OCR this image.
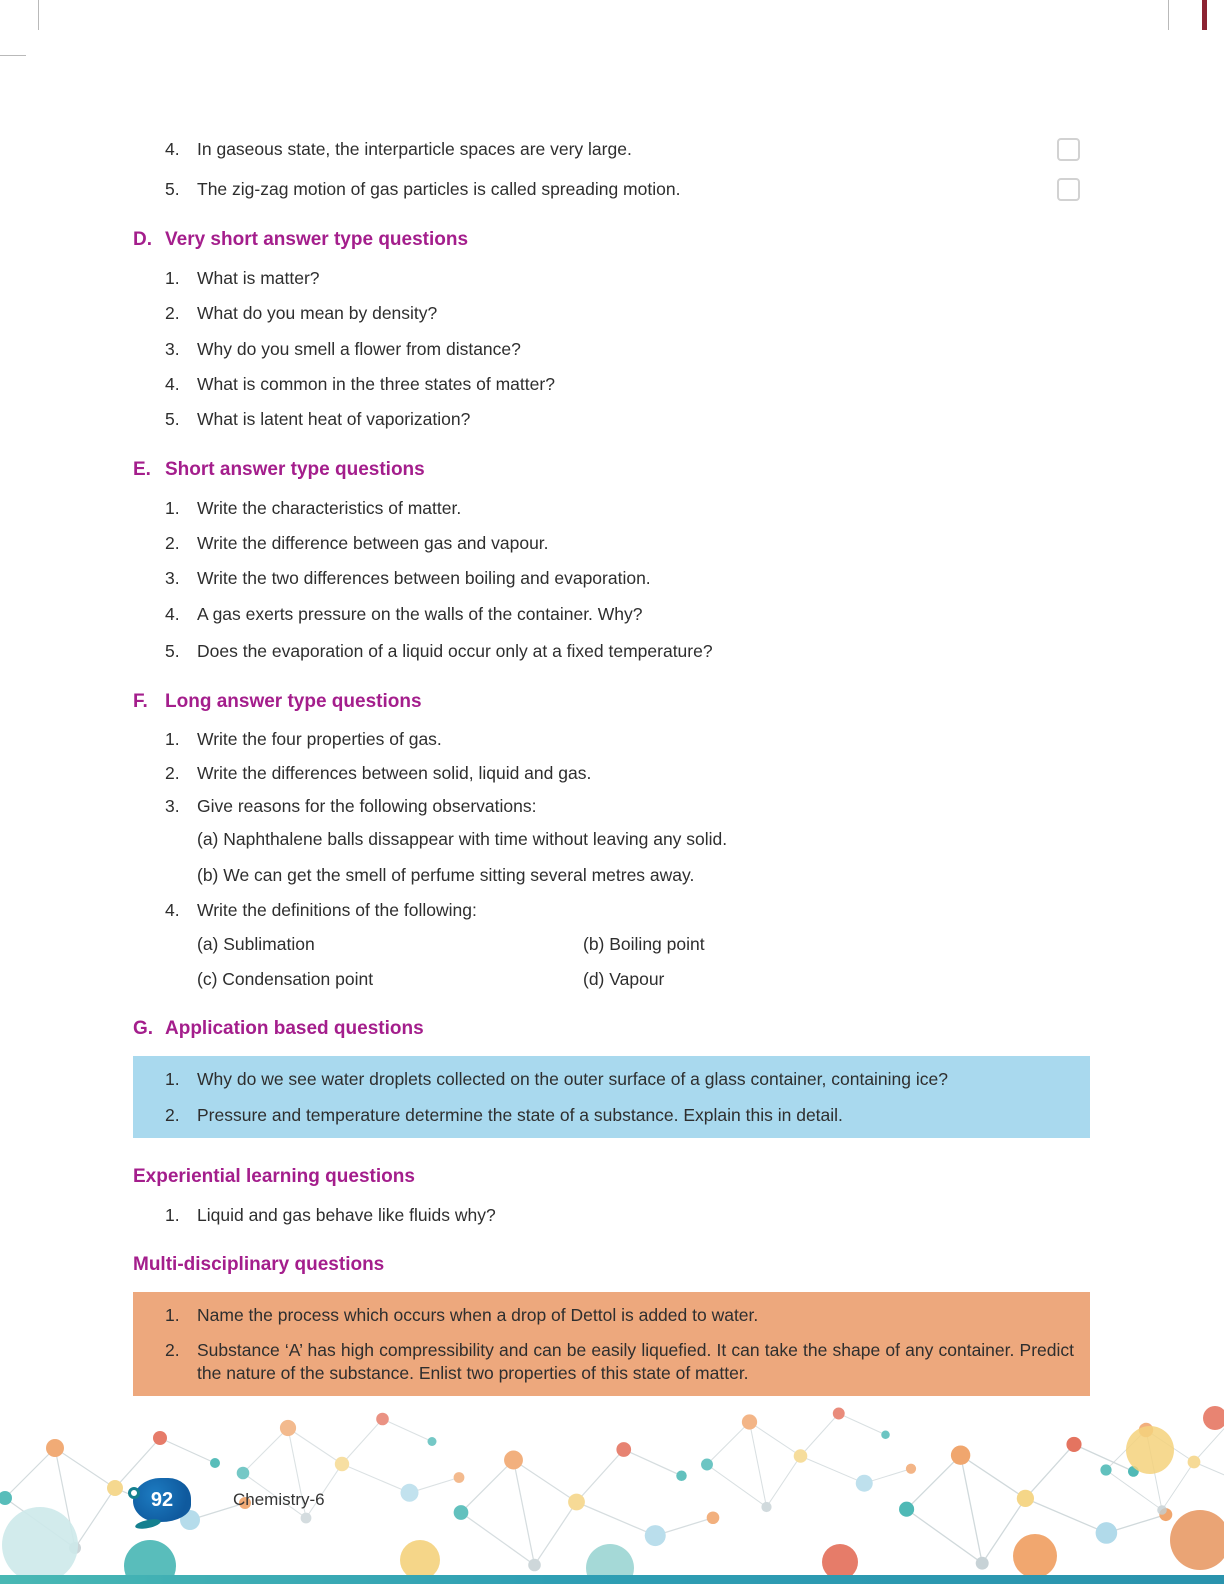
4. In gaseous state, the interparticle spaces are very large.
5. The zig-zag motion of gas particles is called spreading motion.
D. Very short answer type questions
1. What is matter?
2. What do you mean by density?
3. Why do you smell a flower from distance?
4. What is common in the three states of matter?
5. What is latent heat of vaporization?
E. Short answer type questions
1. Write the characteristics of matter.
2. Write the difference between gas and vapour.
3. Write the two differences between boiling and evaporation.
4. A gas exerts pressure on the walls of the container. Why?
5. Does the evaporation of a liquid occur only at a fixed temperature?
F. Long answer type questions
1. Write the four properties of gas.
2. Write the differences between solid, liquid and gas.
3. Give reasons for the following observations:
(a) Naphthalene balls dissappear with time without leaving any solid.
(b) We can get the smell of perfume sitting several metres away.
4. Write the definitions of the following:
(a) Sublimation	(b) Boiling point
(c) Condensation point	(d) Vapour
G. Application based questions
1. Why do we see water droplets collected on the outer surface of a glass container, containing ice?
2. Pressure and temperature determine the state of a substance. Explain this in detail.
Experiential learning questions
1. Liquid and gas behave like fluids why?
Multi-disciplinary questions
1. Name the process which occurs when a drop of Dettol is added to water.
2. Substance ‘A’ has high compressibility and can be easily liquefied. It can take the shape of any container. Predict the nature of the substance. Enlist two properties of this state of matter.
92	Chemistry-6
